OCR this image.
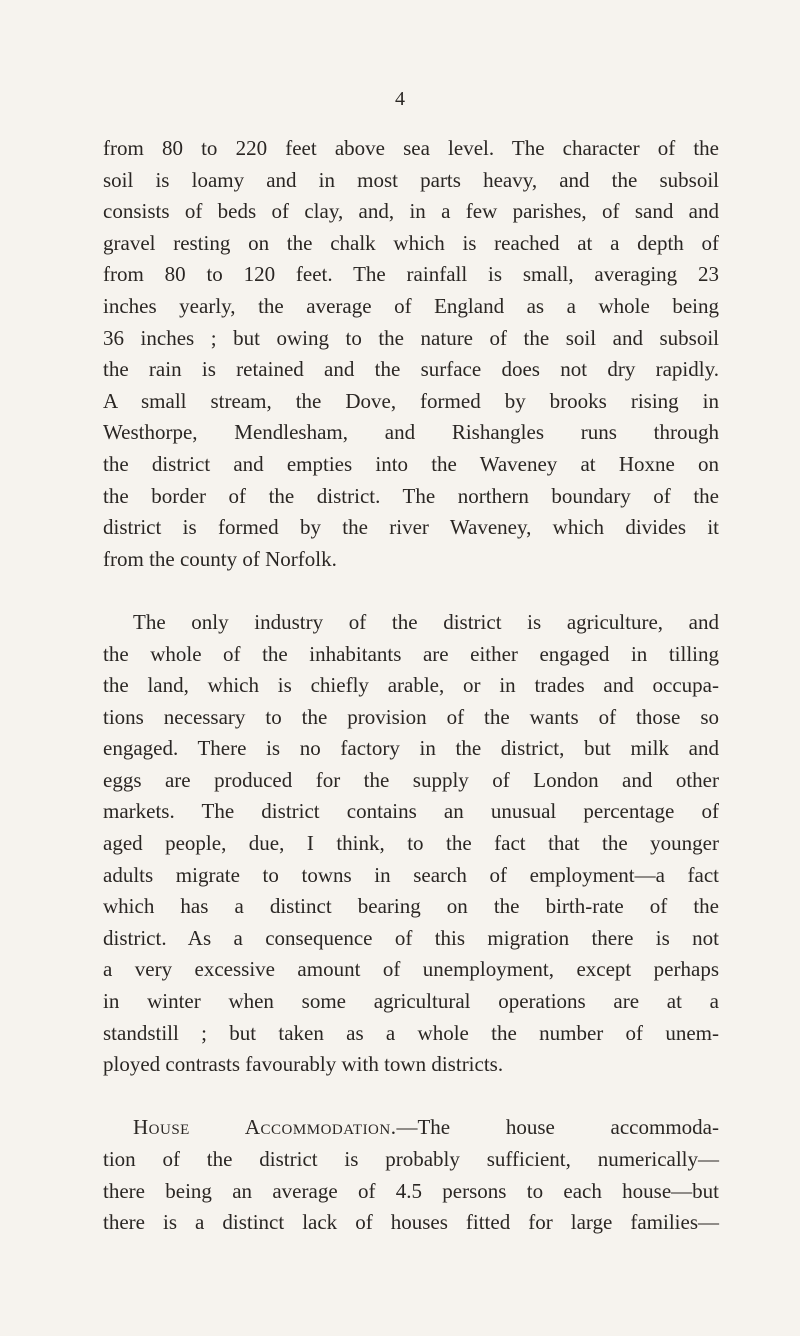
4
from 80 to 220 feet above sea level. The character of the
soil is loamy and in most parts heavy, and the subsoil
consists of beds of clay, and, in a few parishes, of sand and
gravel resting on the chalk which is reached at a depth of
from 80 to 120 feet. The rainfall is small, averaging 23
inches yearly, the average of England as a whole being
36 inches ; but owing to the nature of the soil and subsoil
the rain is retained and the surface does not dry rapidly.
A small stream, the Dove, formed by brooks rising in
Westhorpe, Mendlesham, and Rishangles runs through
the district and empties into the Waveney at Hoxne on
the border of the district. The northern boundary of the
district is formed by the river Waveney, which divides it
from the county of Norfolk.
The only industry of the district is agriculture, and
the whole of the inhabitants are either engaged in tilling
the land, which is chiefly arable, or in trades and occupa-
tions necessary to the provision of the wants of those so
engaged. There is no factory in the district, but milk and
eggs are produced for the supply of London and other
markets. The district contains an unusual percentage of
aged people, due, I think, to the fact that the younger
adults migrate to towns in search of employment—a fact
which has a distinct bearing on the birth-rate of the
district. As a consequence of this migration there is not
a very excessive amount of unemployment, except perhaps
in winter when some agricultural operations are at a
standstill ; but taken as a whole the number of unem-
ployed contrasts favourably with town districts.
House Accommodation.—The house accommoda-
tion of the district is probably sufficient, numerically—
there being an average of 4.5 persons to each house—but
there is a distinct lack of houses fitted for large families—
